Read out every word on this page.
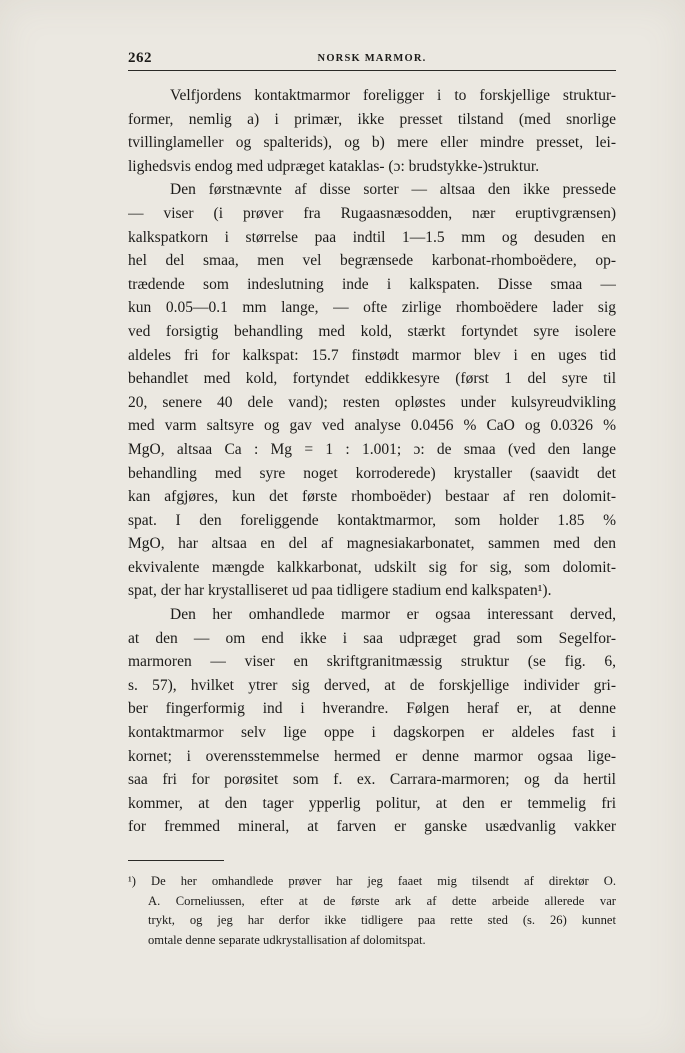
262	NORSK MARMOR.
Velfjordens kontaktmarmor foreligger i to forskjellige struktur-
former, nemlig a) i primær, ikke presset tilstand (med snorlige
tvillinglameller og spalterids), og b) mere eller mindre presset, lei-
lighedsvis endog med udpræget kataklas- (ɔ: brudstykke-)struktur.
Den førstnævnte af disse sorter — altsaa den ikke pressede
— viser (i prøver fra Rugaasnæsodden, nær eruptivgrænsen)
kalkspatkorn i størrelse paa indtil 1—1.5 mm og desuden en
hel del smaa, men vel begrænsede karbonat-rhomboëdere, op-
trædende som indeslutning inde i kalkspaten. Disse smaa —
kun 0.05—0.1 mm lange, — ofte zirlige rhomboëdere lader sig
ved forsigtig behandling med kold, stærkt fortyndet syre isolere
aldeles fri for kalkspat: 15.7 finstødt marmor blev i en uges tid
behandlet med kold, fortyndet eddikkesyre (først 1 del syre til
20, senere 40 dele vand); resten opløstes under kulsyreudvikling
med varm saltsyre og gav ved analyse 0.0456 % CaO og 0.0326 %
MgO, altsaa Ca : Mg = 1 : 1.001; ɔ: de smaa (ved den lange
behandling med syre noget korroderede) krystaller (saavidt det
kan afgjøres, kun det første rhomboëder) bestaar af ren dolomit-
spat. I den foreliggende kontaktmarmor, som holder 1.85 %
MgO, har altsaa en del af magnesiakarbonatet, sammen med den
ekvivalente mængde kalkkarbonat, udskilt sig for sig, som dolomit-
spat, der har krystalliseret ud paa tidligere stadium end kalkspaten¹).
Den her omhandlede marmor er ogsaa interessant derved,
at den — om end ikke i saa udpræget grad som Segelfor-
marmoren — viser en skriftgranitmæssig struktur (se fig. 6,
s. 57), hvilket ytrer sig derved, at de forskjellige individer gri-
ber fingerformig ind i hverandre. Følgen heraf er, at denne
kontaktmarmor selv lige oppe i dagskorpen er aldeles fast i
kornet; i overensstemmelse hermed er denne marmor ogsaa lige-
saa fri for porøsitet som f. ex. Carrara-marmoren; og da hertil
kommer, at den tager ypperlig politur, at den er temmelig fri
for fremmed mineral, at farven er ganske usædvanlig vakker
¹) De her omhandlede prøver har jeg faaet mig tilsendt af direktør O.
A. Corneliussen, efter at de første ark af dette arbeide allerede var
trykt, og jeg har derfor ikke tidligere paa rette sted (s. 26) kunnet
omtale denne separate udkrystallisation af dolomitspat.
